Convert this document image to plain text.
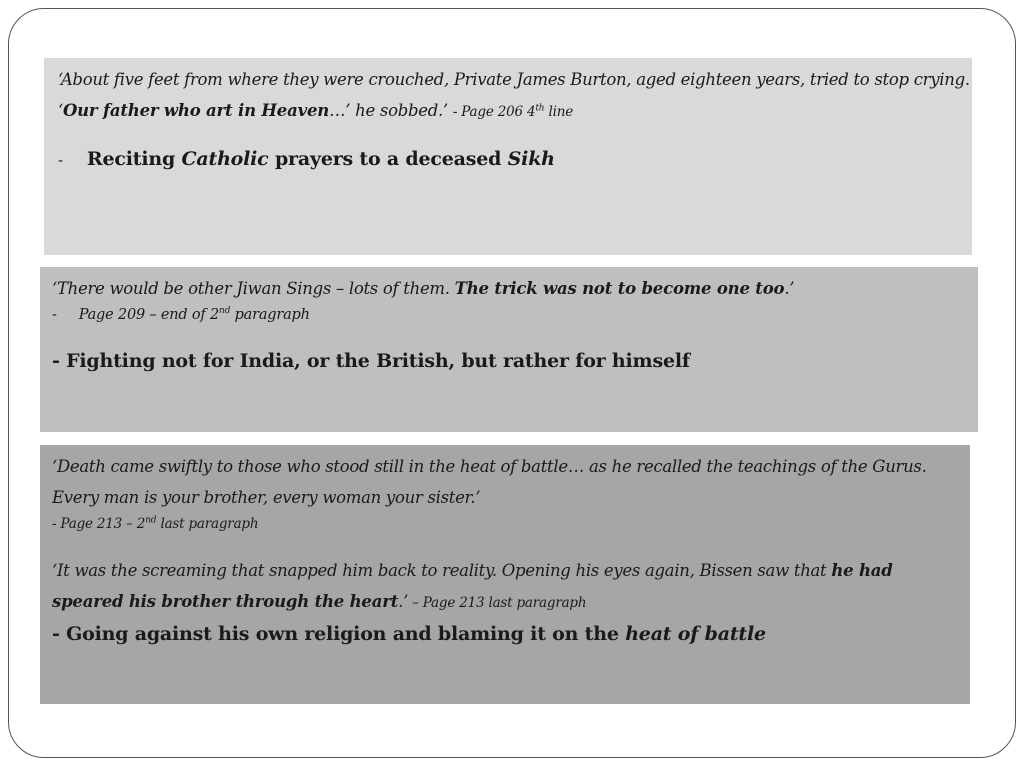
‘About five feet from where they were crouched, Private James Burton, aged eighteen years, tried to stop crying.

‘Our father who art in Heaven…’ he sobbed.’ - Page 206 4th line

- Reciting Catholic prayers to a deceased Sikh

‘There would be other Jiwan Sings – lots of them. The trick was not to become one too.’

- Page 209 – end of 2nd paragraph

- Fighting not for India, or the British, but rather for himself

‘Death came swiftly to those who stood still in the heat of battle… as he recalled the teachings of the Gurus.

Every man is your brother, every woman your sister.’

- Page 213 – 2nd last paragraph

‘It was the screaming that snapped him back to reality. Opening his eyes again, Bissen saw that he had

speared his brother through the heart.’ – Page 213 last paragraph

- Going against his own religion and blaming it on the heat of battle
